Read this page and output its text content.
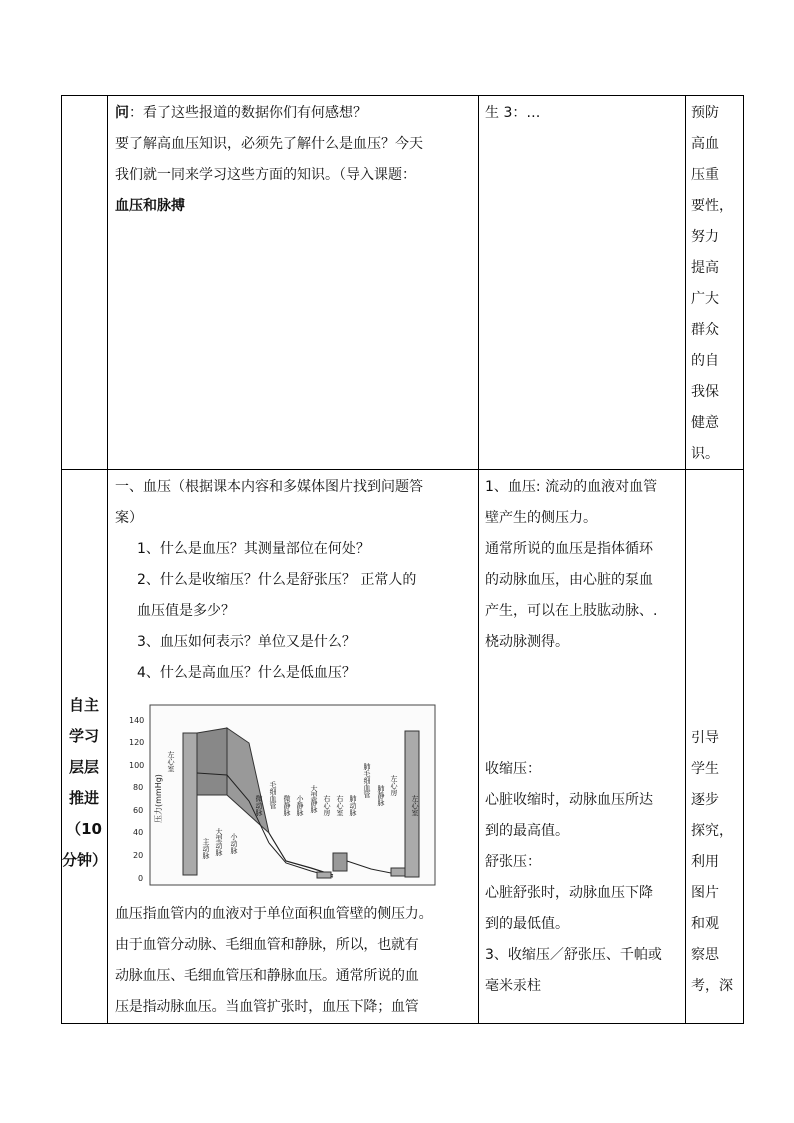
问：看了这些报道的数据你们有何感想？

要了解高血压知识，必须先了解什么是血压？今天

我们就一同来学习这些方面的知识。（导入课题：

血压和脉搏

生 3：…	预防

高血

压重

要性，

努力

提高

广大

群众

的自

我保

健意

识。

自主

学习

层层

推进

（10

分钟）

一、血压（根据课本内容和多媒体图片找到问题答

案）

1、什么是血压？其测量部位在何处？

2、什么是收缩压？什么是舒张压？ 正常人的

血压值是多少？

3、血压如何表示？单位又是什么？

4、什么是高血压？什么是低血压？

140
120
100
80
60
40
20
0
压力(mmHg)
左心室
主动脉 大型动脉 小动脉
微动脉 毛细血管 微静脉 小静脉 大型静脉 右心房 右心室 肺动脉
肺毛细血管 肺静脉 左心房
左心室

血压指血管内的血液对于单位面积血管壁的侧压力。

由于血管分动脉、毛细血管和静脉，所以，也就有

动脉血压、毛细血管压和静脉血压。通常所说的血

压是指动脉血压。当血管扩张时，血压下降；血管

1、血压: 流动的血液对血管

壁产生的侧压力。

通常所说的血压是指体循环

的动脉血压，由心脏的泵血

产生，可以在上肢肱动脉、.

桡动脉测得。

收缩压：

心脏收缩时，动脉血压所达

到的最高值。

舒张压：

心脏舒张时，动脉血压下降

到的最低值。

3、收缩压／舒张压、千帕或

毫米汞柱

引导

学生

逐步

探究，

利用

图片

和观

察思

考，深
